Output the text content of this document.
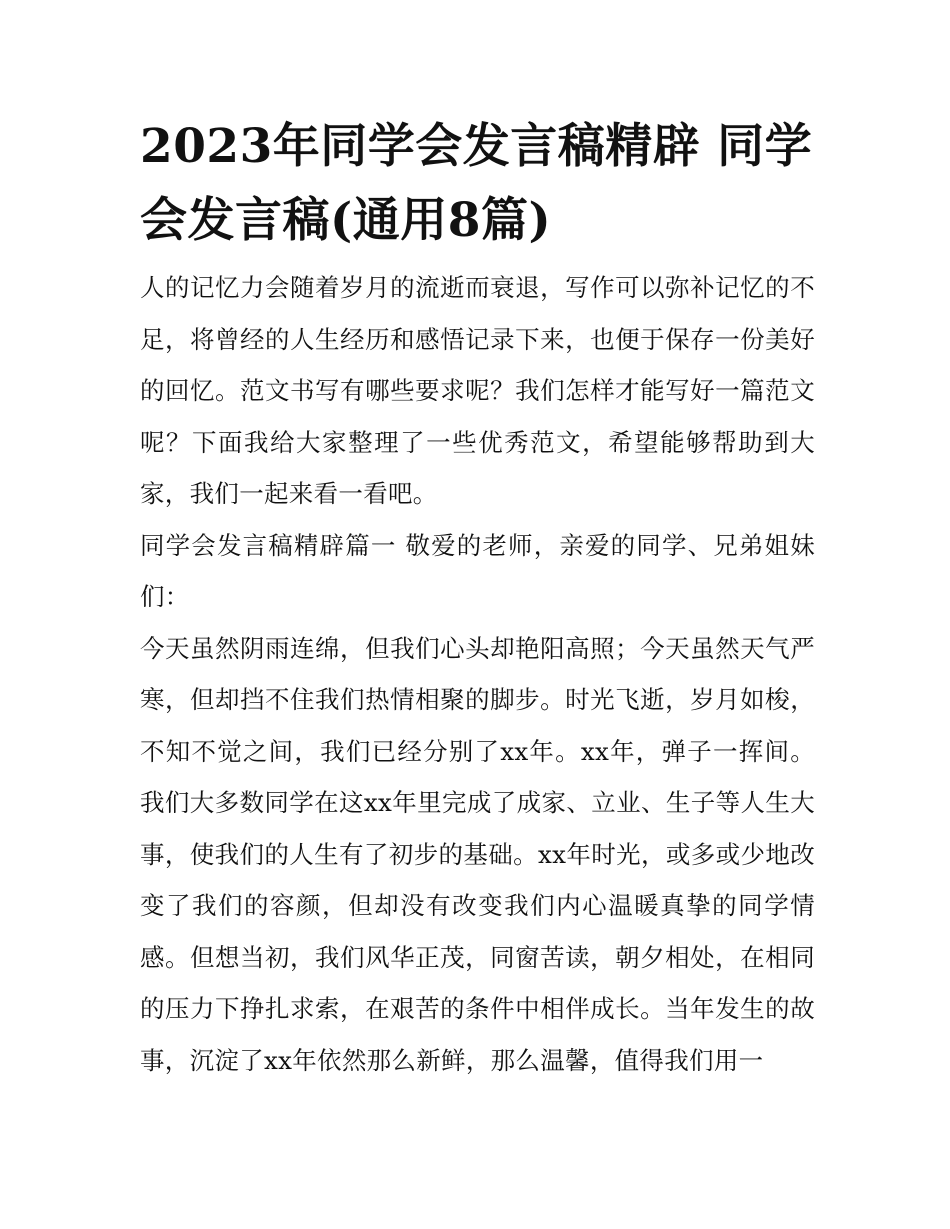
2023年同学会发言稿精辟 同学会发言稿(通用8篇)

人的记忆力会随着岁月的流逝而衰退，写作可以弥补记忆的不足，将曾经的人生经历和感悟记录下来，也便于保存一份美好的回忆。范文书写有哪些要求呢？我们怎样才能写好一篇范文呢？下面我给大家整理了一些优秀范文，希望能够帮助到大家，我们一起来看一看吧。

同学会发言稿精辟篇一 敬爱的老师，亲爱的同学、兄弟姐妹们：

今天虽然阴雨连绵，但我们心头却艳阳高照；今天虽然天气严寒，但却挡不住我们热情相聚的脚步。时光飞逝，岁月如梭，不知不觉之间，我们已经分别了xx年。xx年，弹子一挥间。我们大多数同学在这xx年里完成了成家、立业、生子等人生大事，使我们的人生有了初步的基础。xx年时光，或多或少地改变了我们的容颜，但却没有改变我们内心温暖真挚的同学情感。但想当初，我们风华正茂，同窗苦读，朝夕相处，在相同的压力下挣扎求索，在艰苦的条件中相伴成长。当年发生的故事，沉淀了xx年依然那么新鲜，那么温馨，值得我们用一
